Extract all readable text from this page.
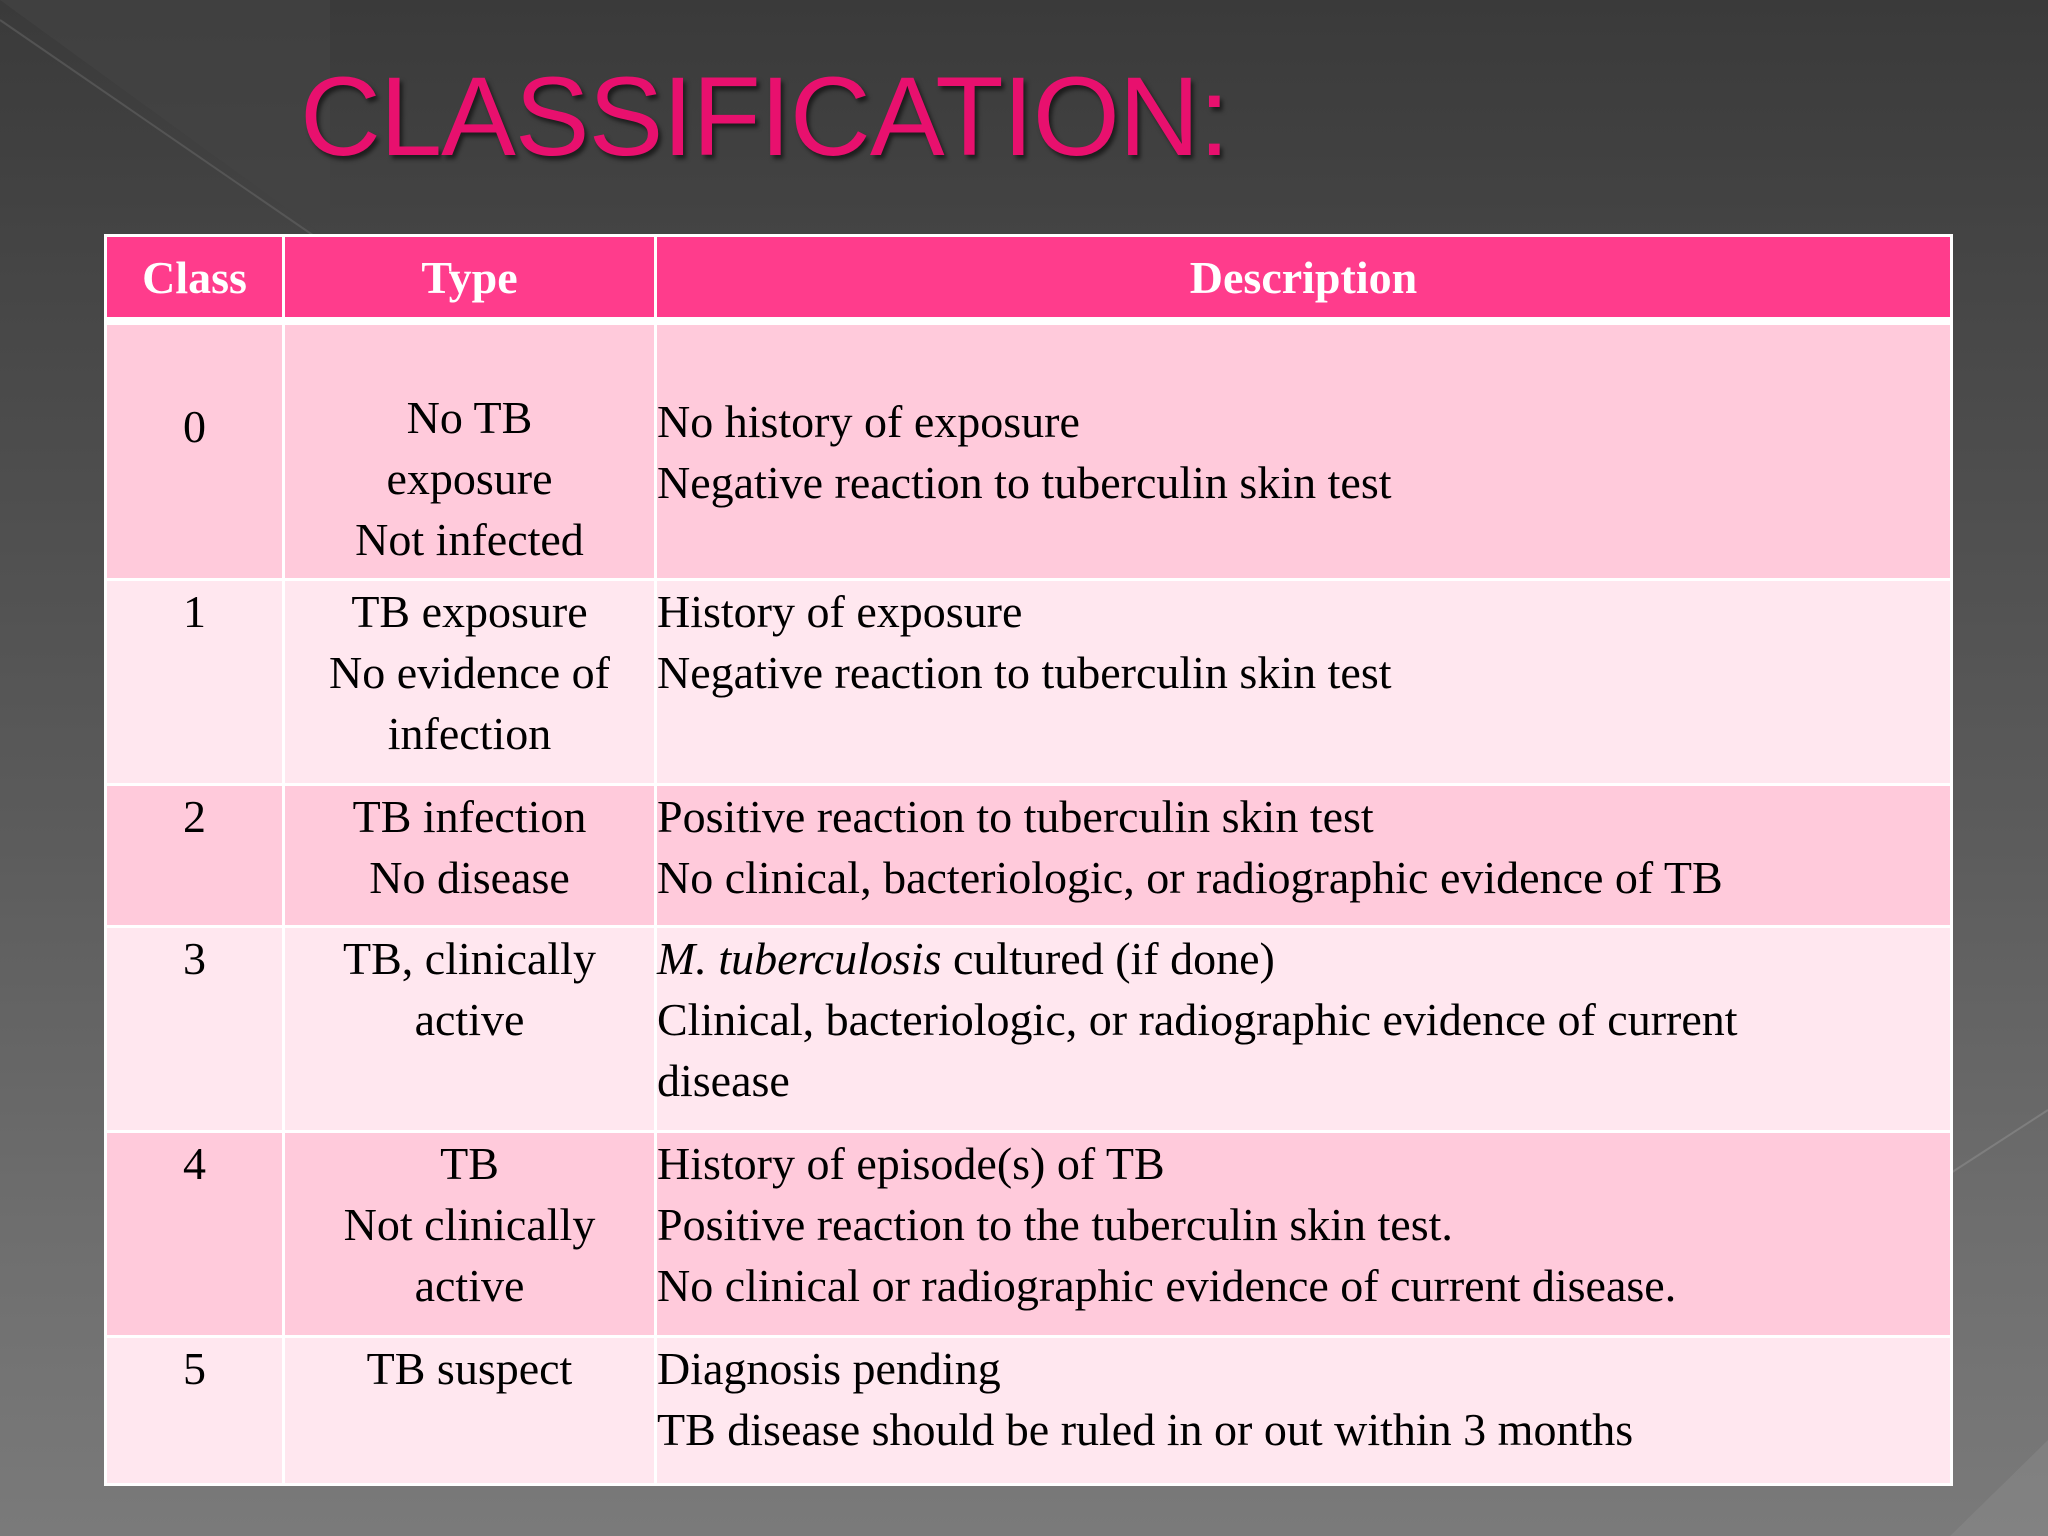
CLASSIFICATION:
Class	Type	Description
0	No TB
exposure
Not infected	No history of exposure
Negative reaction to tuberculin skin test

1	TB exposure
No evidence of
infection	History of exposure
Negative reaction to tuberculin skin test

2	TB infection
No disease	Positive reaction to tuberculin skin test
No clinical, bacteriologic, or radiographic evidence of TB

3	TB, clinically
active	M. tuberculosis cultured (if done)
Clinical, bacteriologic, or radiographic evidence of current
disease

4	TB
Not clinically
active	History of episode(s) of TB
Positive reaction to the tuberculin skin test.
No clinical or radiographic evidence of current disease.

5	TB suspect	Diagnosis pending
TB disease should be ruled in or out within 3 months
